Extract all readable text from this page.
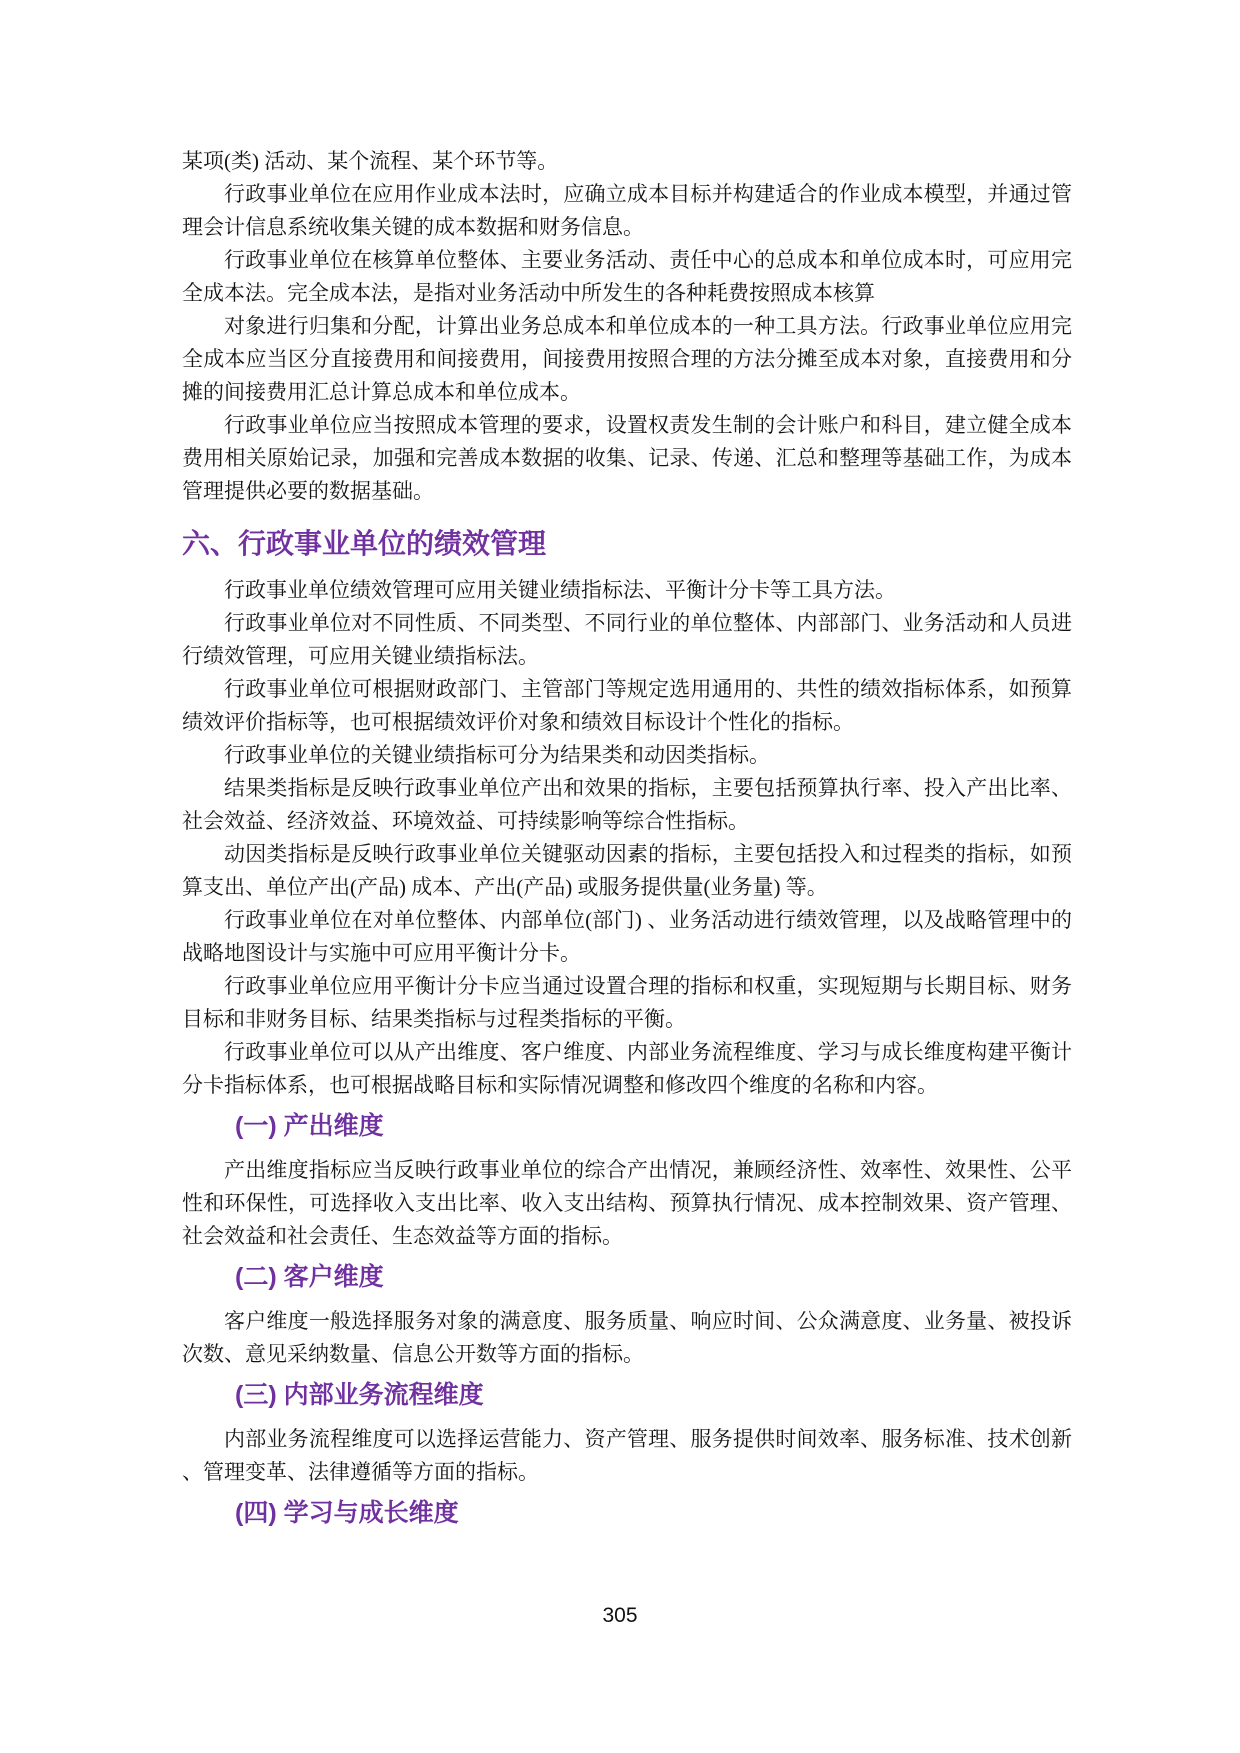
某项(类) 活动、某个流程、某个环节等。
行政事业单位在应用作业成本法时，应确立成本目标并构建适合的作业成本模型，并通过管理会计信息系统收集关键的成本数据和财务信息。
行政事业单位在核算单位整体、主要业务活动、责任中心的总成本和单位成本时，可应用完全成本法。完全成本法，是指对业务活动中所发生的各种耗费按照成本核算
对象进行归集和分配，计算出业务总成本和单位成本的一种工具方法。行政事业单位应用完全成本应当区分直接费用和间接费用，间接费用按照合理的方法分摊至成本对象，直接费用和分摊的间接费用汇总计算总成本和单位成本。
行政事业单位应当按照成本管理的要求，设置权责发生制的会计账户和科目，建立健全成本费用相关原始记录，加强和完善成本数据的收集、记录、传递、汇总和整理等基础工作，为成本管理提供必要的数据基础。
六、行政事业单位的绩效管理
行政事业单位绩效管理可应用关键业绩指标法、平衡计分卡等工具方法。
行政事业单位对不同性质、不同类型、不同行业的单位整体、内部部门、业务活动和人员进行绩效管理，可应用关键业绩指标法。
行政事业单位可根据财政部门、主管部门等规定选用通用的、共性的绩效指标体系，如预算绩效评价指标等，也可根据绩效评价对象和绩效目标设计个性化的指标。
行政事业单位的关键业绩指标可分为结果类和动因类指标。
结果类指标是反映行政事业单位产出和效果的指标，主要包括预算执行率、投入产出比率、社会效益、经济效益、环境效益、可持续影响等综合性指标。
动因类指标是反映行政事业单位关键驱动因素的指标，主要包括投入和过程类的指标，如预算支出、单位产出(产品) 成本、产出(产品) 或服务提供量(业务量) 等。
行政事业单位在对单位整体、内部单位(部门) 、业务活动进行绩效管理，以及战略管理中的战略地图设计与实施中可应用平衡计分卡。
行政事业单位应用平衡计分卡应当通过设置合理的指标和权重，实现短期与长期目标、财务目标和非财务目标、结果类指标与过程类指标的平衡。
行政事业单位可以从产出维度、客户维度、内部业务流程维度、学习与成长维度构建平衡计分卡指标体系，也可根据战略目标和实际情况调整和修改四个维度的名称和内容。
(一) 产出维度
产出维度指标应当反映行政事业单位的综合产出情况，兼顾经济性、效率性、效果性、公平性和环保性，可选择收入支出比率、收入支出结构、预算执行情况、成本控制效果、资产管理、社会效益和社会责任、生态效益等方面的指标。
(二) 客户维度
客户维度一般选择服务对象的满意度、服务质量、响应时间、公众满意度、业务量、被投诉次数、意见采纳数量、信息公开数等方面的指标。
(三) 内部业务流程维度
内部业务流程维度可以选择运营能力、资产管理、服务提供时间效率、服务标准、技术创新、管理变革、法律遵循等方面的指标。
(四) 学习与成长维度
305
